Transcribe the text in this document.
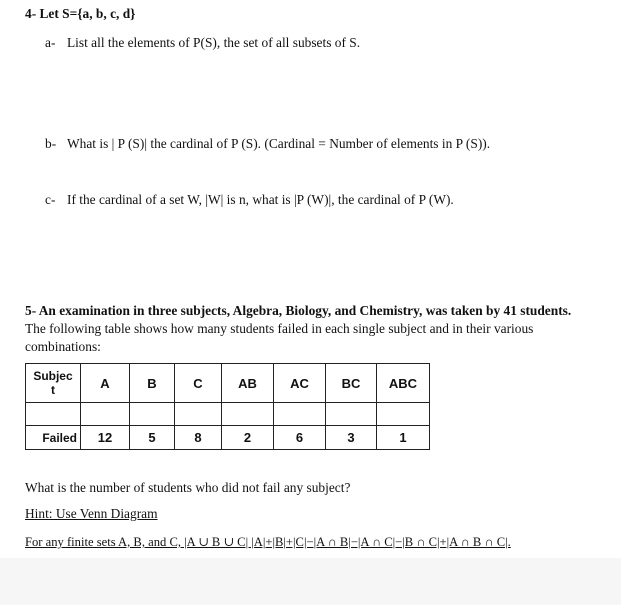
4- Let S={a, b, c, d}
a- List all the elements of P(S), the set of all subsets of S.
b- What is | P (S)| the cardinal of P (S). (Cardinal = Number of elements in P (S)).
c- If the cardinal of a set W, |W| is n, what is |P (W)|, the cardinal of P (W).
5- An examination in three subjects, Algebra, Biology, and Chemistry, was taken by 41 students. The following table shows how many students failed in each single subject and in their various combinations:
Subjec
t	A	B	C	AB	AC	BC	ABC

Failed	12	5	8	2	6	3	1
What is the number of students who did not fail any subject?
Hint: Use Venn Diagram
For any finite sets A, B, and C, |A ∪ B ∪ C| |A|+|B|+|C|−|A ∩ B|−|A ∩ C|−|B ∩ C|+|A ∩ B ∩ C|.
